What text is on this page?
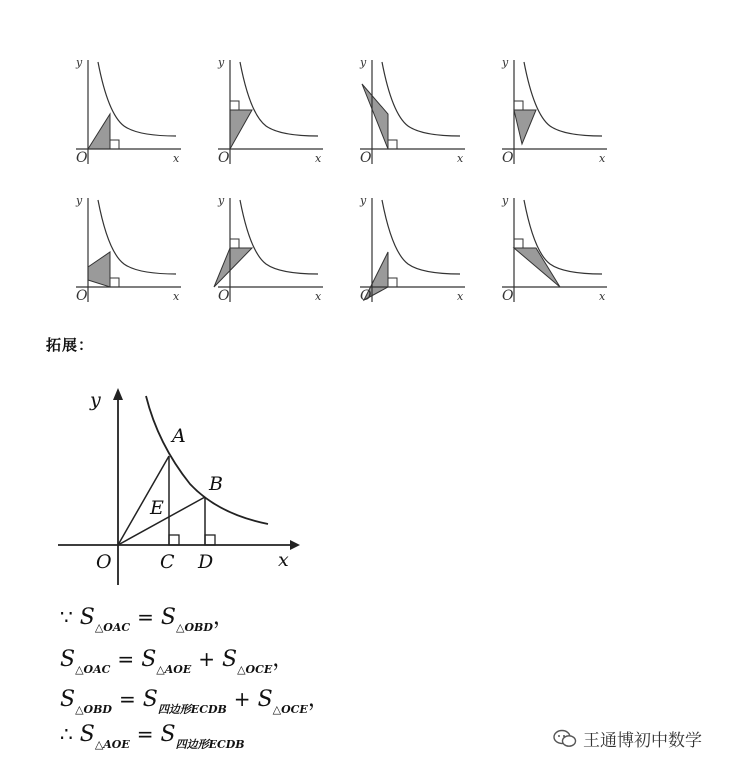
y
x
O
y
x
O
y
x
O
y
x
O
y
x
O
y
x
O
y
x
O
y
x
O
拓展：
A
B
E
C D
O	x
y
∵ $S_{\triangle OAC} = S_{\triangle OBD}$，
$S_{\triangle OAC} = S_{\triangle AOE} + S_{\triangle OCE}$，
$S_{\triangle OBD} = S_{四边形ECDB} + S_{\triangle OCE}$，
∴ $S_{\triangle AOE} = S_{四边形ECDB}$	王通博初中数学
